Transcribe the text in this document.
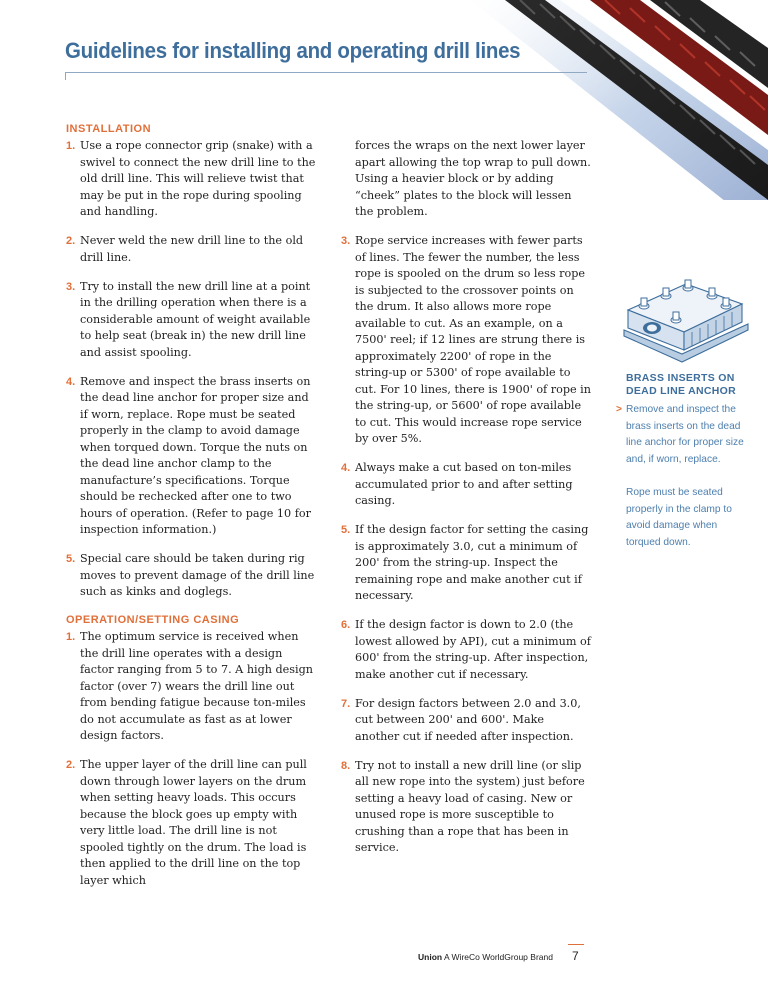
Guidelines for installing and operating drill lines
INSTALLATION
1. Use a rope connector grip (snake) with a swivel to connect the new drill line to the old drill line. This will relieve twist that may be put in the rope during spooling and handling.
2. Never weld the new drill line to the old drill line.
3. Try to install the new drill line at a point in the drilling operation when there is a considerable amount of weight available to help seat (break in) the new drill line and assist spooling.
4. Remove and inspect the brass inserts on the dead line anchor for proper size and if worn, replace. Rope must be seated properly in the clamp to avoid damage when torqued down. Torque the nuts on the dead line anchor clamp to the manufacture’s specifications. Torque should be rechecked after one to two hours of operation. (Refer to page 10 for inspection information.)
5. Special care should be taken during rig moves to prevent damage of the drill line such as kinks and doglegs.
OPERATION/SETTING CASING
1. The optimum service is received when the drill line operates with a design factor ranging from 5 to 7. A high design factor (over 7) wears the drill line out from bending fatigue because ton-miles do not accumulate as fast as at lower design factors.
2. The upper layer of the drill line can pull down through lower layers on the drum when setting heavy loads. This occurs because the block goes up empty with very little load. The drill line is not spooled tightly on the drum. The load is then applied to the drill line on the top layer which
forces the wraps on the next lower layer apart allowing the top wrap to pull down. Using a heavier block or by adding “cheek” plates to the block will lessen the problem.
3. Rope service increases with fewer parts of lines. The fewer the number, the less rope is spooled on the drum so less rope is subjected to the crossover points on the drum. It also allows more rope available to cut. As an example, on a 7500' reel; if 12 lines are strung there is approximately 2200' of rope in the string-up or 5300' of rope available to cut. For 10 lines, there is 1900' of rope in the string-up, or 5600' of rope available to cut. This would increase rope service by over 5%.
4. Always make a cut based on ton-miles accumulated prior to and after setting casing.
5. If the design factor for setting the casing is approximately 3.0, cut a minimum of 200' from the string-up. Inspect the remaining rope and make another cut if necessary.
6. If the design factor is down to 2.0 (the lowest allowed by API), cut a minimum of 600' from the string-up. After inspection, make another cut if necessary.
7. For design factors between 2.0 and 3.0, cut between 200' and 600'. Make another cut if needed after inspection.
8. Try not to install a new drill line (or slip all new rope into the system) just before setting a heavy load of casing. New or unused rope is more susceptible to crushing than a rope that has been in service.
BRASS INSERTS ON
DEAD LINE ANCHOR
> Remove and inspect the brass inserts on the dead line anchor for proper size and, if worn, replace.

Rope must be seated properly in the clamp to avoid damage when torqued down.

Union A WireCo WorldGroup Brand 7
